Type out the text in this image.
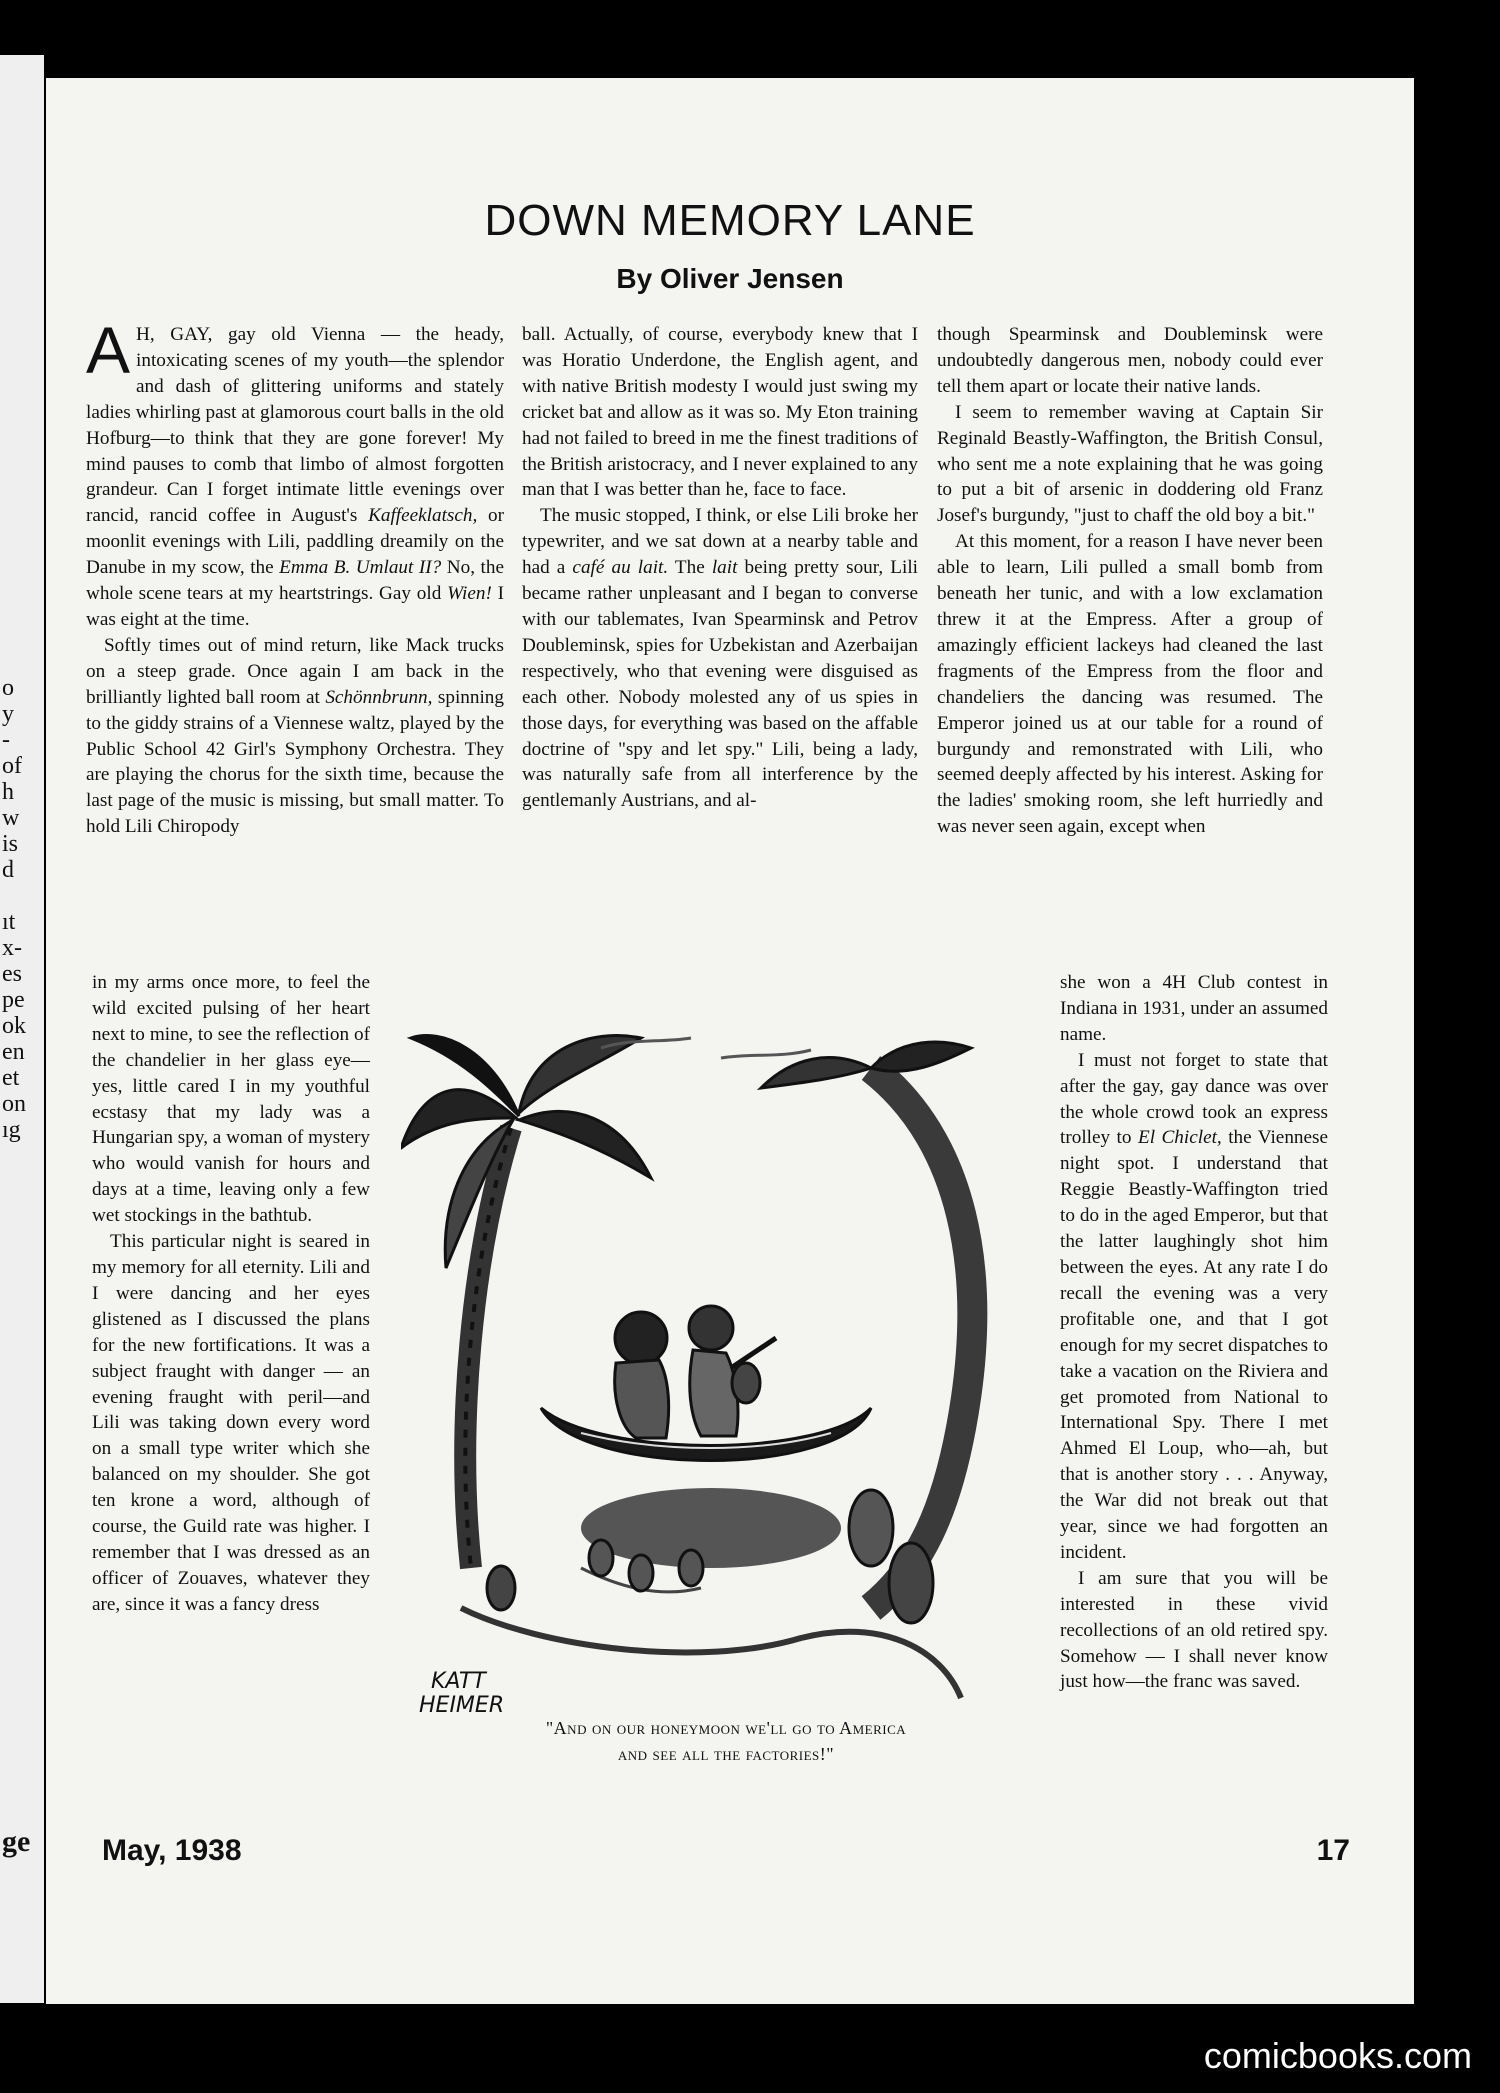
o
y
-
of
h
w
is
d
ıt
x-
es
pe
ok
en
et
on
ıg
ge
DOWN MEMORY LANE
By Oliver Jensen

A H, GAY, gay old Vienna — the heady, intoxicating scenes of my youth—the splendor and dash of glittering uniforms and stately ladies whirling past at glamorous court balls in the old Hofburg—to think that they are gone forever! My mind pauses to comb that limbo of almost forgotten grandeur. Can I forget intimate little evenings over rancid, rancid coffee in August's Kaffeeklatsch, or moonlit evenings with Lili, paddling dreamily on the Danube in my scow, the Emma B. Umlaut II? No, the whole scene tears at my heartstrings. Gay old Wien! I was eight at the time.

Softly times out of mind return, like Mack trucks on a steep grade. Once again I am back in the brilliantly lighted ball room at Schönnbrunn, spinning to the giddy strains of a Viennese waltz, played by the Public School 42 Girl's Symphony Orchestra. They are playing the chorus for the sixth time, because the last page of the music is missing, but small matter. To hold Lili Chiropody

in my arms once more, to feel the wild excited pulsing of her heart next to mine, to see the reflection of the chandelier in her glass eye—yes, little cared I in my youthful ecstasy that my lady was a Hungarian spy, a woman of mystery who would vanish for hours and days at a time, leaving only a few wet stockings in the bathtub.

This particular night is seared in my memory for all eternity. Lili and I were dancing and her eyes glistened as I discussed the plans for the new fortifications. It was a subject fraught with danger — an evening fraught with peril—and Lili was taking down every word on a small type writer which she balanced on my shoulder. She got ten krone a word, although of course, the Guild rate was higher. I remember that I was dressed as an officer of Zouaves, whatever they are, since it was a fancy dress

ball. Actually, of course, everybody knew that I was Horatio Underdone, the English agent, and with native British modesty I would just swing my cricket bat and allow as it was so. My Eton training had not failed to breed in me the finest traditions of the British aristocracy, and I never explained to any man that I was better than he, face to face.

The music stopped, I think, or else Lili broke her typewriter, and we sat down at a nearby table and had a café au lait. The lait being pretty sour, Lili became rather unpleasant and I began to converse with our tablemates, Ivan Spearminsk and Petrov Doubleminsk, spies for Uzbekistan and Azerbaijan respectively, who that evening were disguised as each other. Nobody molested any of us spies in those days, for everything was based on the affable doctrine of "spy and let spy." Lili, being a lady, was naturally safe from all interference by the gentlemanly Austrians, and al-

though Spearminsk and Doubleminsk were undoubtedly dangerous men, nobody could ever tell them apart or locate their native lands.

I seem to remember waving at Captain Sir Reginald Beastly-Waffington, the British Consul, who sent me a note explaining that he was going to put a bit of arsenic in doddering old Franz Josef's burgundy, "just to chaff the old boy a bit."

At this moment, for a reason I have never been able to learn, Lili pulled a small bomb from beneath her tunic, and with a low exclamation threw it at the Empress. After a group of amazingly efficient lackeys had cleaned the last fragments of the Empress from the floor and chandeliers the dancing was resumed. The Emperor joined us at our table for a round of burgundy and remonstrated with Lili, who seemed deeply affected by his interest. Asking for the ladies' smoking room, she left hurriedly and was never seen again, except when

she won a 4H Club contest in Indiana in 1931, under an assumed name.

I must not forget to state that after the gay, gay dance was over the whole crowd took an express trolley to El Chiclet, the Viennese night spot. I understand that Reggie Beastly-Waffington tried to do in the aged Emperor, but that the latter laughingly shot him between the eyes. At any rate I do recall the evening was a very profitable one, and that I got enough for my secret dispatches to take a vacation on the Riviera and get promoted from National to International Spy. There I met Ahmed El Loup, who—ah, but that is another story . . . Anyway, the War did not break out that year, since we had forgotten an incident.

I am sure that you will be interested in these vivid recollections of an old retired spy. Somehow — I shall never know just how—the franc was saved.

KATT
HEIMER
"And on our honeymoon we'll go to America
and see all the factories!"
May, 1938	17
comicbooks.com
